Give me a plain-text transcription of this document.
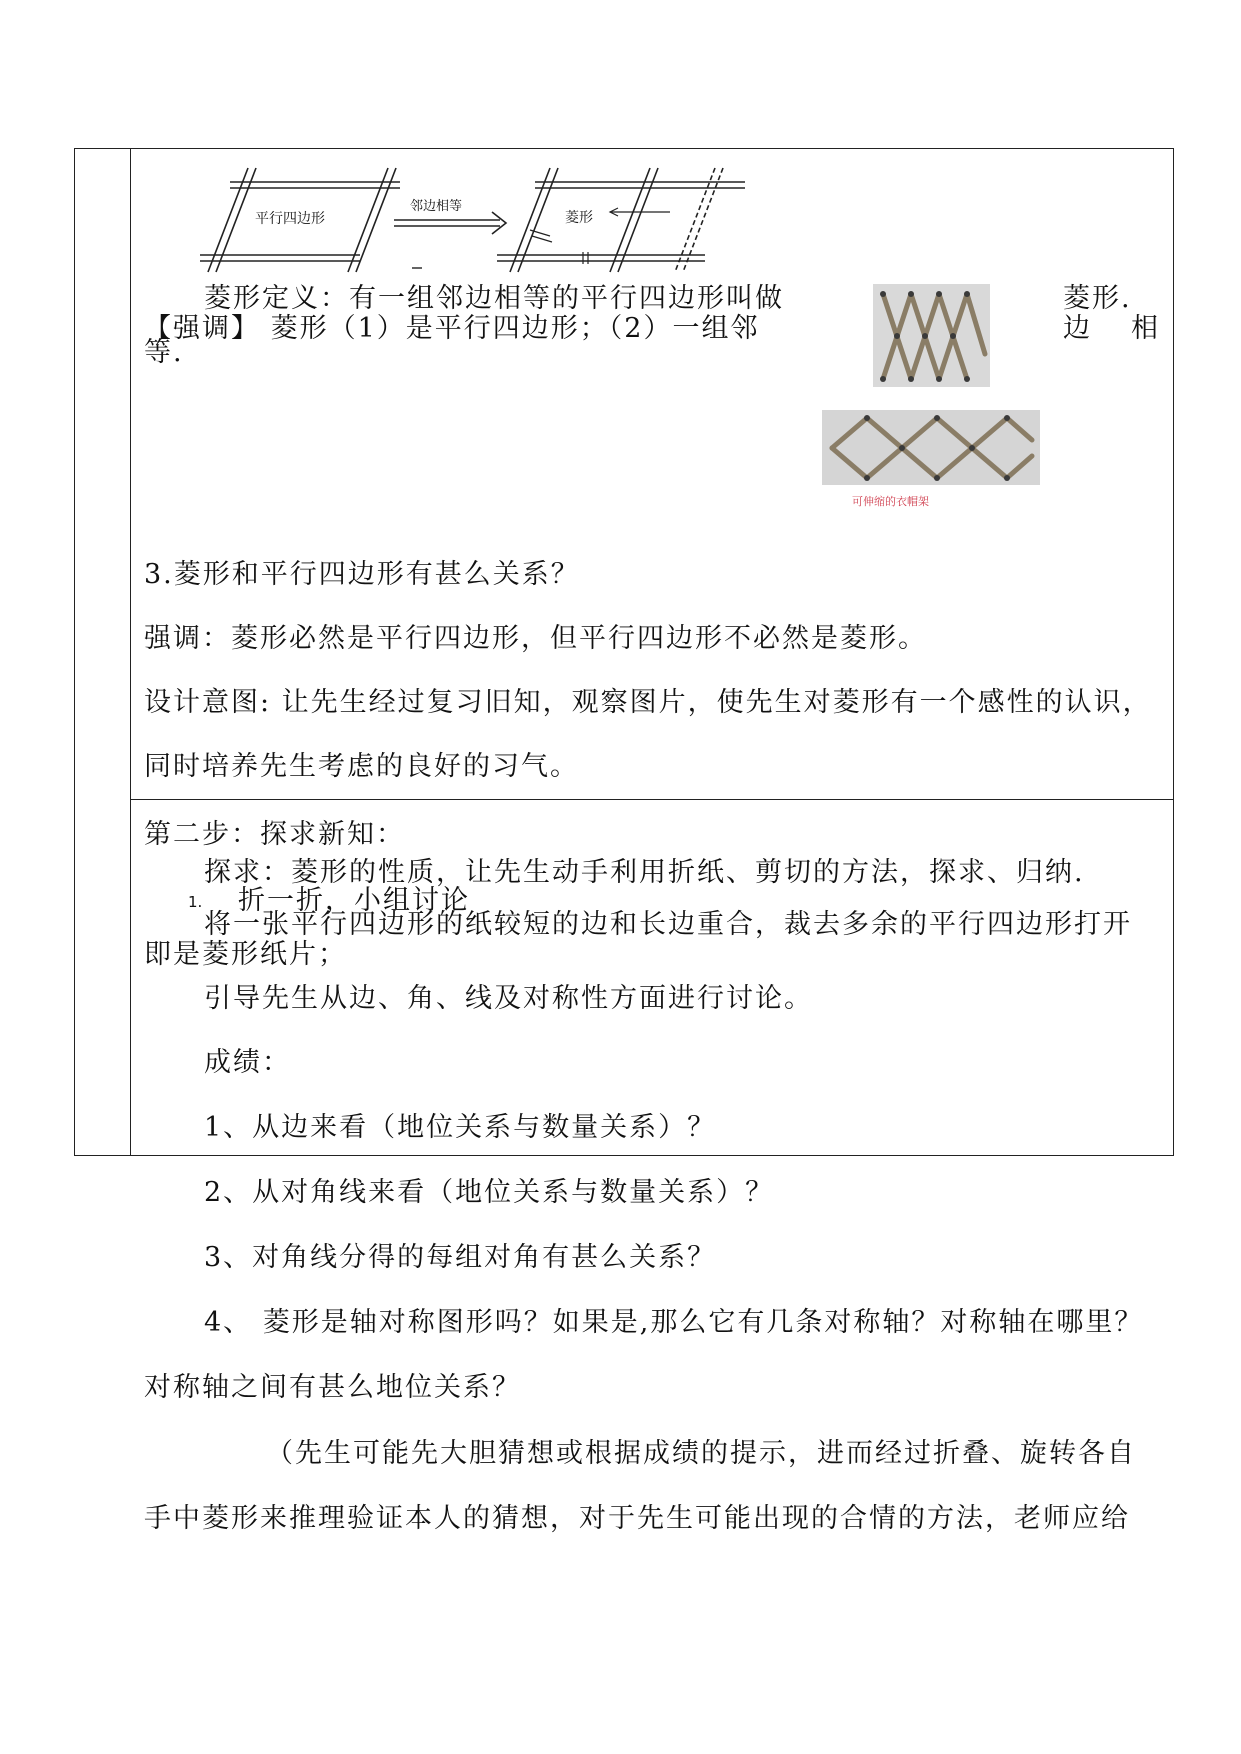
平行四边形
邻边相等
菱形
菱形定义：有一组邻边相等的平行四边形叫做	菱形.
【强调】 菱形（1）是平行四边形；（2）一组邻	边 相
等.
可伸缩的衣帽架
3.菱形和平行四边形有甚么关系？
强调：菱形必然是平行四边形，但平行四边形不必然是菱形。
设计意图: 让先生经过复习旧知，观察图片，使先生对菱形有一个感性的认识，
同时培养先生考虑的良好的习气。
第二步：探求新知：
探求：菱形的性质，让先生动手利用折纸、剪切的方法，探求、归纳.
1. 折一折，小组讨论
将一张平行四边形的纸较短的边和长边重合，裁去多余的平行四边形打开
即是菱形纸片；
引导先生从边、角、线及对称性方面进行讨论。
成绩：
1、从边来看（地位关系与数量关系）？
2、从对角线来看（地位关系与数量关系）？
3、对角线分得的每组对角有甚么关系？
4、 菱形是轴对称图形吗？如果是,那么它有几条对称轴？对称轴在哪里？
对称轴之间有甚么地位关系？
（先生可能先大胆猜想或根据成绩的提示，进而经过折叠、旋转各自
手中菱形来推理验证本人的猜想，对于先生可能出现的合情的方法，老师应给
